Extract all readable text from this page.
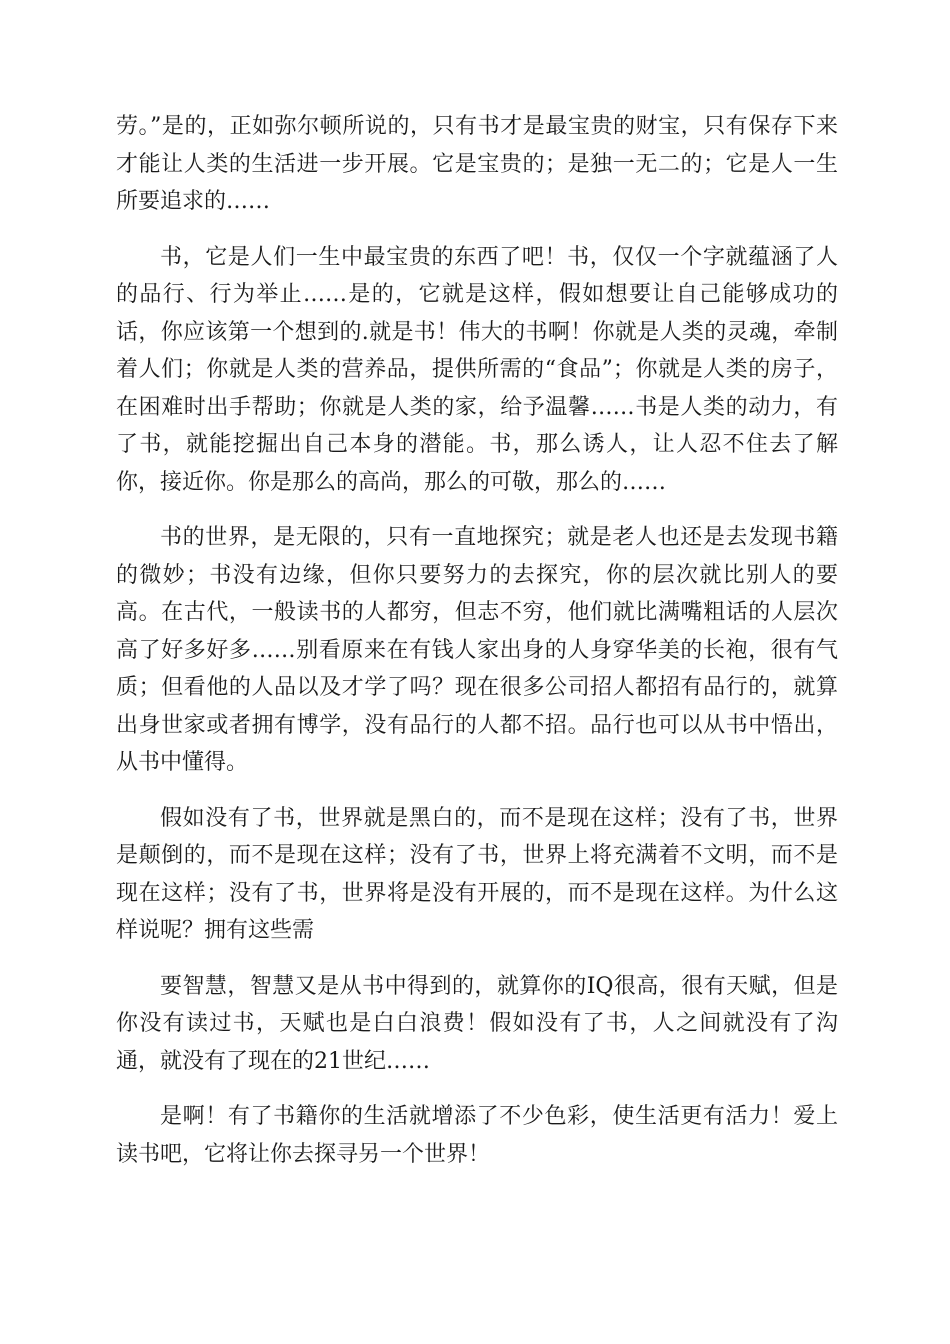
劳。”是的，正如弥尔顿所说的，只有书才是最宝贵的财宝，只有保存下来才能让人类的生活进一步开展。它是宝贵的；是独一无二的；它是人一生所要追求的……

书，它是人们一生中最宝贵的东西了吧！书，仅仅一个字就蕴涵了人的品行、行为举止……是的，它就是这样，假如想要让自己能够成功的话，你应该第一个想到的.就是书！伟大的书啊！你就是人类的灵魂，牵制着人们；你就是人类的营养品，提供所需的“食品”；你就是人类的房子，在困难时出手帮助；你就是人类的家，给予温馨……书是人类的动力，有了书，就能挖掘出自己本身的潜能。书，那么诱人，让人忍不住去了解你，接近你。你是那么的高尚，那么的可敬，那么的……

书的世界，是无限的，只有一直地探究；就是老人也还是去发现书籍的微妙；书没有边缘，但你只要努力的去探究，你的层次就比别人的要高。在古代，一般读书的人都穷，但志不穷，他们就比满嘴粗话的人层次高了好多好多……别看原来在有钱人家出身的人身穿华美的长袍，很有气质；但看他的人品以及才学了吗？现在很多公司招人都招有品行的，就算出身世家或者拥有博学，没有品行的人都不招。品行也可以从书中悟出，从书中懂得。

假如没有了书，世界就是黑白的，而不是现在这样；没有了书，世界是颠倒的，而不是现在这样；没有了书，世界上将充满着不文明，而不是现在这样；没有了书，世界将是没有开展的，而不是现在这样。为什么这样说呢？拥有这些需

要智慧，智慧又是从书中得到的，就算你的IQ很高，很有天赋，但是你没有读过书，天赋也是白白浪费！假如没有了书，人之间就没有了沟通，就没有了现在的21世纪……

是啊！有了书籍你的生活就增添了不少色彩，使生活更有活力！爱上读书吧，它将让你去探寻另一个世界！
